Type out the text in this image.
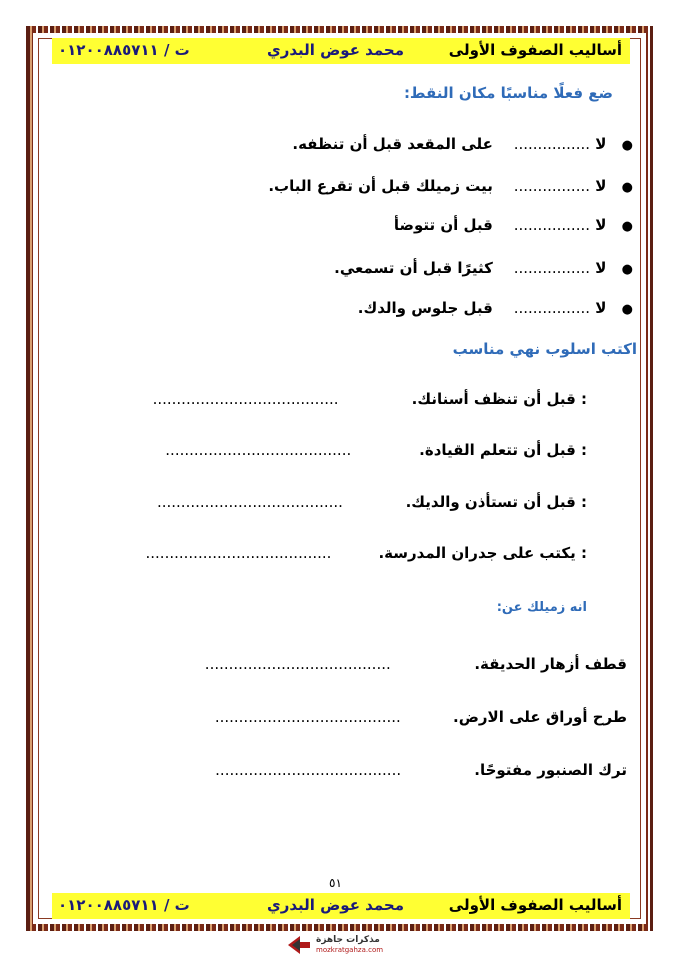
أساليب الصفوف الأولى
محمد عوض البدري
ت / ٠١٢٠٠٨٨٥٧١١
ضع فعلًا مناسبًا مكان النقط:
● لا ................    على المقعد قبل أن تنظفه.
● لا ................    بيت زميلك قبل أن تقرع الباب.
● لا ................    قبل أن تتوضأ
● لا ................    كثيرًا قبل أن تسمعي.
● لا ................    قبل جلوس والدك.
اكتب اسلوب نهي مناسب
: قبل أن تنظف أسنانك.              .......................................
: قبل أن تتعلم القيادة.             .......................................
: قبل أن تستأذن والديك.            .......................................
: يكتب على جدران المدرسة.         .......................................
انه زميلك عن:
قطف أزهار الحديقة.                .......................................
طرح أوراق على الارض.          .......................................
ترك الصنبور مفتوحًا.              .......................................
٥١
أساليب الصفوف الأولى
محمد عوض البدري
ت / ٠١٢٠٠٨٨٥٧١١
مذكرات جاهزة
mozkratgahza.com
